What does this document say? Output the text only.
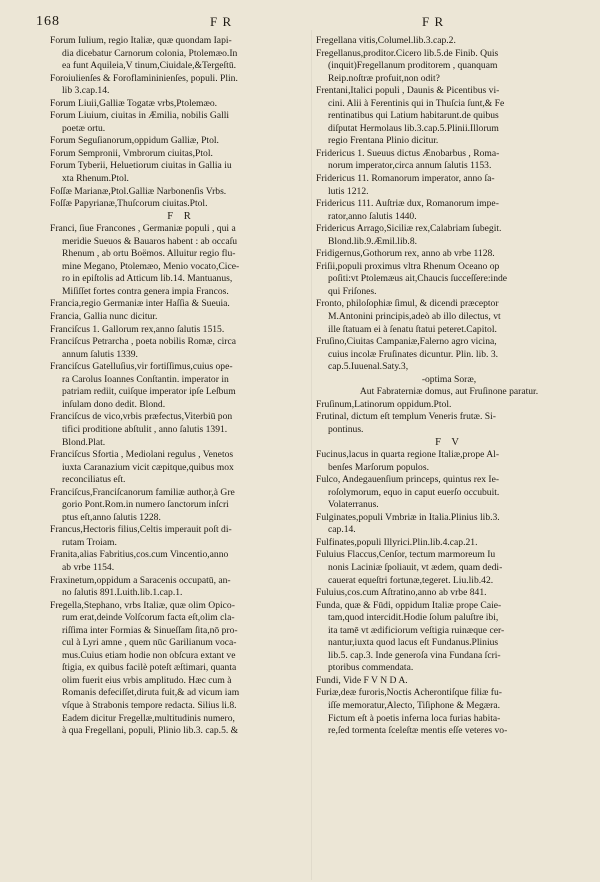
168	F R	F R
Forum Iulium, regio Italiæ, quæ quondam Iapi-
dia dicebatur Carnorum colonia, Ptolemæo.In
ea funt Aquileia,V tinum,Ciuidale,&Tergeſtū.
Foroiulienſes & Foroflamininienſes, populi. Plin.
lib 3.cap.14.
Forum Liuii,Galliæ Togatæ vrbs,Ptolemæo.
Forum Liuium, ciuitas in Æmilia, nobilis Galli
poetæ ortu.
Forum Seguſianorum,oppidum Galliæ, Ptol.
Forum Sempronii, Vmbrorum ciuitas,Ptol.
Forum Tyberii, Heluetiorum ciuitas in Gallia iu
xta Rhenum.Ptol.
Foſſæ Marianæ,Ptol.Galliæ Narbonenſis Vrbs.
Foſſæ Papyrianæ,Thuſcorum ciuitas.Ptol.
F R
Franci, ſiue Francones , Germaniæ populi , qui a
meridie Sueuos & Bauaros habent : ab occaſu
Rhenum , ab ortu Boëmos. Alluitur regio flu-
mine Megano, Ptolemæo, Menio vocato,Cice-
ro in epiſtolis ad Atticum lib.14. Mantuanus,
Miſiſſet fortes contra genera impia Francos.
Francia,regio Germaniæ inter Haſſia & Sueuia.
Francia, Gallia nunc dicitur.
Franciſcus 1. Gallorum rex,anno ſalutis 1515.
Franciſcus Petrarcha , poeta nobilis Romæ, circa
annum ſalutis 1339.
Franciſcus Gatelluſius,vir fortiſſimus,cuius ope-
ra Carolus Ioannes Conſtantin. imperator in
patriam rediit, cuiſque imperator ipſe Leſbum
inſulam dono dedit. Blond.
Franciſcus de vico,vrbis præfectus,Viterbiū pon
tifici proditione abſtulit , anno ſalutis 1391.
Blond.Plat.
Franciſcus Sfortia , Mediolani regulus , Venetos
iuxta Caranazium vicit cæpitque,quibus mox
reconciliatus eſt.
Franciſcus,Franciſcanorum familiæ author,à Gre
gorio Pont.Rom.in numero ſanctorum inſcri
ptus eſt,anno ſalutis 1228.
Francus,Hectoris filius,Celtis imperauit poſt di-
rutam Troiam.
Franita,alias Fabritius,cos.cum Vincentio,anno
ab vrbe 1154.
Fraxinetum,oppidum a Saracenis occupatū, an-
no ſalutis 891.Luith.lib.1.cap.1.
Fregella,Stephano, vrbs Italiæ, quæ olim Opico-
rum erat,deinde Volſcorum facta eſt,olim cla-
riſſima inter Formias & Sinueſſam ſita,nō pro-
cul à Lyri amne , quem nūc Garilianum voca-
mus.Cuius etiam hodie non obſcura extant ve
ſtigia, ex quibus facilè poteſt æſtimari, quanta
olim fuerit eius vrbis amplitudo. Hæc cum à
Romanis defeciſſet,diruta fuit,& ad vicum iam
vſque à Strabonis tempore redacta. Silius li.8.
Eadem dicitur Fregellæ,multitudinis numero,
à qua Fregellani, populi, Plinio lib.3. cap.5. &
Fregellana vitis,Columel.lib.3.cap.2.
Fregellanus,proditor.Cicero lib.5.de Finib. Quis
(inquit)Fregellanum proditorem , quanquam
Reip.noſtræ profuit,non odit?
Frentani,Italici populi , Daunis & Picentibus vi-
cini. Alii à Ferentinis qui in Thuſcia ſunt,& Fe
rentinatibus qui Latium habitarunt.de quibus
diſputat Hermolaus lib.3.cap.5.Plinii.Illorum
regio Frentana Plinio dicitur.
Fridericus 1. Sueuus dictus Ænobarbus , Roma-
norum imperator,circa annum ſalutis 1153.
Fridericus 11. Romanorum imperator, anno ſa-
lutis 1212.
Fridericus 111. Auſtriæ dux, Romanorum impe-
rator,anno ſalutis 1440.
Fridericus Arrago,Siciliæ rex,Calabriam ſubegit.
Blond.lib.9.Æmil.lib.8.
Fridigernus,Gothorum rex, anno ab vrbe 1128.
Friſii,populi proximus vltra Rhenum Oceano op
poſiti:vt Ptolemæus ait,Chaucis ſucceſſere:inde
qui Friſones.
Fronto, philoſophiæ ſimul, & dicendi præceptor
M.Antonini principis,adeò ab illo dilectus, vt
ille ſtatuam ei à ſenatu ſtatui peteret.Capitol.
Fruſino,Ciuitas Campaniæ,Falerno agro vicina,
cuius incolæ Fruſinates dicuntur. Plin. lib. 3.
cap.5.Iuuenal.Saty.3,
-optima Soræ,
Aut Fabraterniæ domus, aut Fruſinone paratur.
Fruſinum,Latinorum oppidum.Ptol.
Frutinal, dictum eſt templum Veneris frutæ. Si-
pontinus.
F V
Fucinus,lacus in quarta regione Italiæ,prope Al-
benſes Marſorum populos.
Fulco, Andegauenſium princeps, quintus rex Ie-
roſolymorum, equo in caput euerſo occubuit.
Volaterranus.
Fulginates,populi Vmbriæ in Italia.Plinius lib.3.
cap.14.
Fulfinates,populi Illyrici.Plin.lib.4.cap.21.
Fuluius Flaccus,Cenſor, tectum marmoreum Iu
nonis Laciniæ ſpoliauit, vt ædem, quam dedi-
cauerat equeſtri fortunæ,tegeret. Liu.lib.42.
Fuluius,cos.cum Aſtratino,anno ab vrbe 841.
Funda, quæ & Fūdi, oppidum Italiæ prope Caie-
tam,quod intercidit.Hodie ſolum paluſtre ibi,
ita tamē vt ædificiorum veſtigia ruinæque cer-
nantur,iuxta quod lacus eſt Fundanus.Plinius
lib.5. cap.3. Inde generoſa vina Fundana ſcri-
ptoribus commendata.
Fundi, Vide F V N D A.
Furiæ,deæ furoris,Noctis Acherontiſque filiæ fu-
iſſe memoratur,Alecto, Tiſiphone & Megæra.
Fictum eſt à poetis inferna loca furias habita-
re,ſed tormenta ſceleſtæ mentis eſſe veteres vo-
